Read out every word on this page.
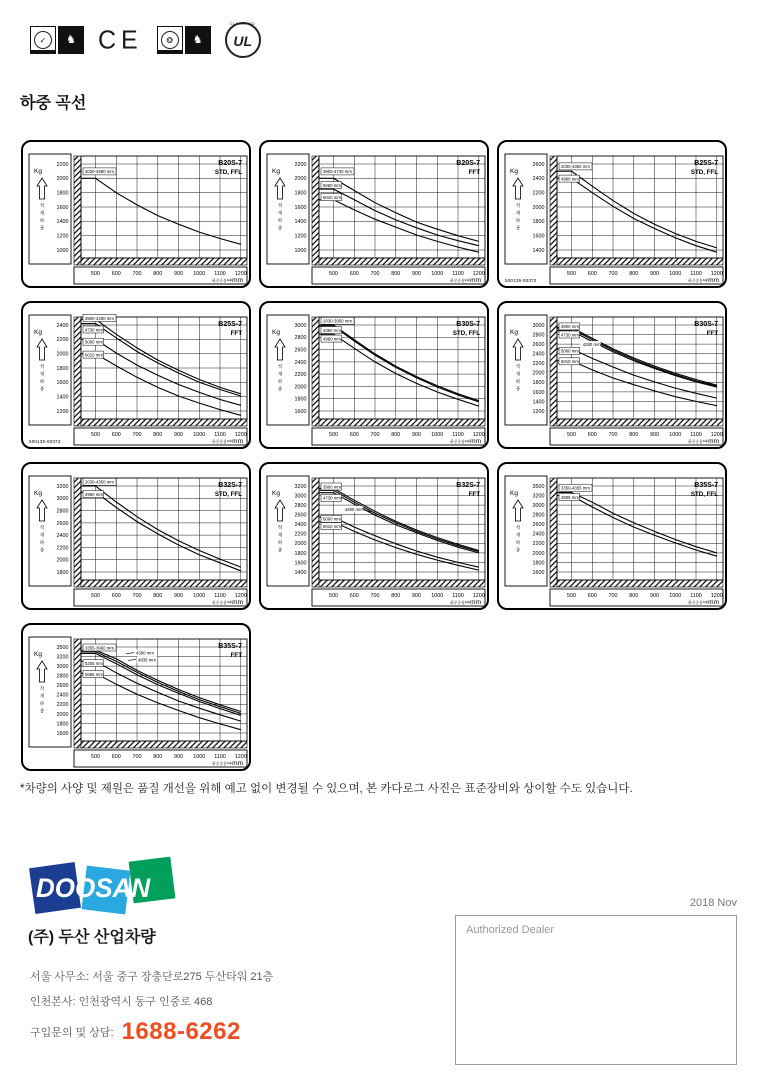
✓	♞ CE	❂	♞
CLASSIFIED
UL
하중 곡선
Kg
적
재
하
중
2200
2000
1800
1600
1400
1200
1000
2030-4980 mm
B20S-7
STD, FFL
500 600 700 800 900 1000 1100 1200
하중중심⇨mm
Kg
적
재
하
중
2200
2000
1800
1600
1400
1200
1000
3900-4730 mm
5060 mm
6010 mm
B20S-7
FFT
500 600 700 800 900 1000 1100 1200
하중중심⇨mm
Kg
적
재
하
중
2600
2400
2200
2000
1800
1600
1400
2030-4350 mm
4960 mm
B25S-7
STD, FFL
500 600 700 800 900 1000 1100 1200
하중중심⇨mm
500139-00372
Kg
적
재
하
중
2400
2200
2000
1800
1600
1400
1200
3900-4280 mm
4730 mm
5060 mm
6010 mm
B25S-7
FFT
500 600 700 800 900 1000 1100 1200
하중중심⇨mm
500139-00373
Kg
적
재
하
중
3000
2800
2600
2400
2200
2000
1800
1600
2030-3950 mm
4350 mm
4960 mm
B30S-7
STD, FFL
500 600 700 800 900 1000 1100 1200
하중중심⇨mm
Kg
적
재
하
중
3000
2800
2600
2400
2200
2000
1800
1600
1400
1200
3900 mm
4730 mm
4280 mm
5060 mm
6010 mm
B30S-7
FFT
500 600 700 800 900 1000 1100 1200
하중중심⇨mm
Kg
적
재
하
중
3200
3000
2800
2600
2400
2200
2000
1800
2030-4350 mm
4960 mm
B32S-7
STD, FFL
500 600 700 800 900 1000 1100 1200
하중중심⇨mm
Kg
적
재
하
중
3200
3000
2800
2600
2400
2200
2000
1800
1600
1400
3900 mm
4730 mm
4280 mm
5060 mm
6010 mm
B32S-7
FFT
500 600 700 800 900 1000 1100 1200
하중중심⇨mm
Kg
적
재
하
중
3500
3200
3000
2800
2600
2400
2200
2000
1800
1600
3350-4355 mm
4805 mm
B35S-7
STD, FFL
500 600 700 800 900 1000 1100 1200
하중중심⇨mm
Kg
적
재
하
중
3500
3200
3000
2800
2600
2400
2200
2000
1800
1600
3355-3960 mm
4380 mm
4835 mm
5205 mm
5655 mm
B35S-7
FFT
500 600 700 800 900 1000 1100 1200
하중중심⇨mm
*차량의 사양 및 제원은 품질 개선을 위해 예고 없이 변경될 수 있으며, 본 카다로그 사진은 표준장비와 상이할 수도 있습니다.
DOOSAN
(주) 두산 산업차량
서울 사무소: 서울 중구 장충단로275 두산타워 21층
인천본사: 인천광역시 동구 인중로 468
구입문의 및 상담: 1688-6262
2018 Nov
Authorized Dealer
